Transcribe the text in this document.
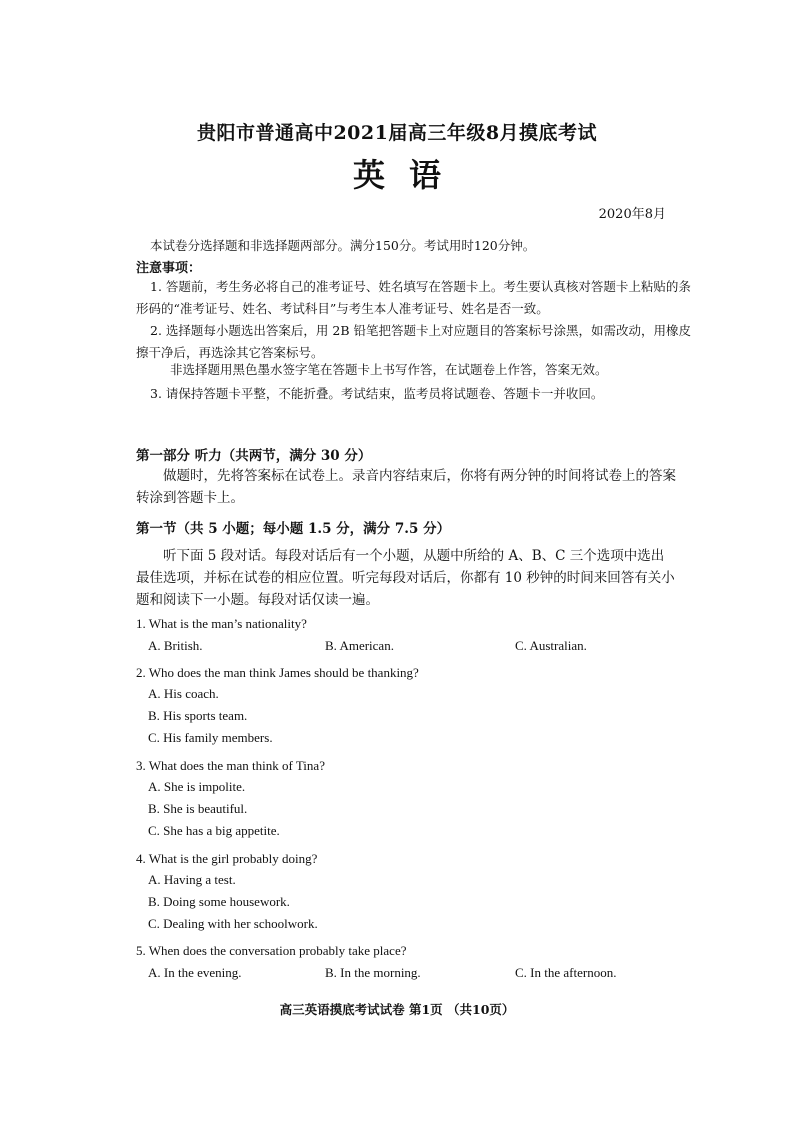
贵阳市普通高中2021届高三年级8月摸底考试
英语
2020年8月
本试卷分选择题和非选择题两部分。满分150分。考试用时120分钟。
注意事项：
1. 答题前，考生务必将自己的准考证号、姓名填写在答题卡上。考生要认真核对答题卡上粘贴的条形码的“准考证号、姓名、考试科目”与考生本人准考证号、姓名是否一致。
2. 选择题每小题选出答案后，用 2B 铅笔把答题卡上对应题目的答案标号涂黑，如需改动，用橡皮擦干净后，再选涂其它答案标号。
非选择题用黑色墨水签字笔在答题卡上书写作答，在试题卷上作答，答案无效。
3. 请保持答题卡平整，不能折叠。考试结束，监考员将试题卷、答题卡一并收回。
第一部分 听力（共两节，满分 30 分）
做题时，先将答案标在试卷上。录音内容结束后，你将有两分钟的时间将试卷上的答案转涂到答题卡上。
第一节（共 5 小题；每小题 1.5 分，满分 7.5 分）
听下面 5 段对话。每段对话后有一个小题，从题中所给的 A、B、C 三个选项中选出最佳选项，并标在试卷的相应位置。听完每段对话后，你都有 10 秒钟的时间来回答有关小题和阅读下一小题。每段对话仅读一遍。
1. What is the man’s nationality?
A. British.	B. American.	C. Australian.
2. Who does the man think James should be thanking?
A. His coach.
B. His sports team.
C. His family members.
3. What does the man think of Tina?
A. She is impolite.
B. She is beautiful.
C. She has a big appetite.
4. What is the girl probably doing?
A. Having a test.
B. Doing some housework.
C. Dealing with her schoolwork.
5. When does the conversation probably take place?
A. In the evening.	B. In the morning.	C. In the afternoon.
高三英语摸底考试试卷 第1页 （共10页）
